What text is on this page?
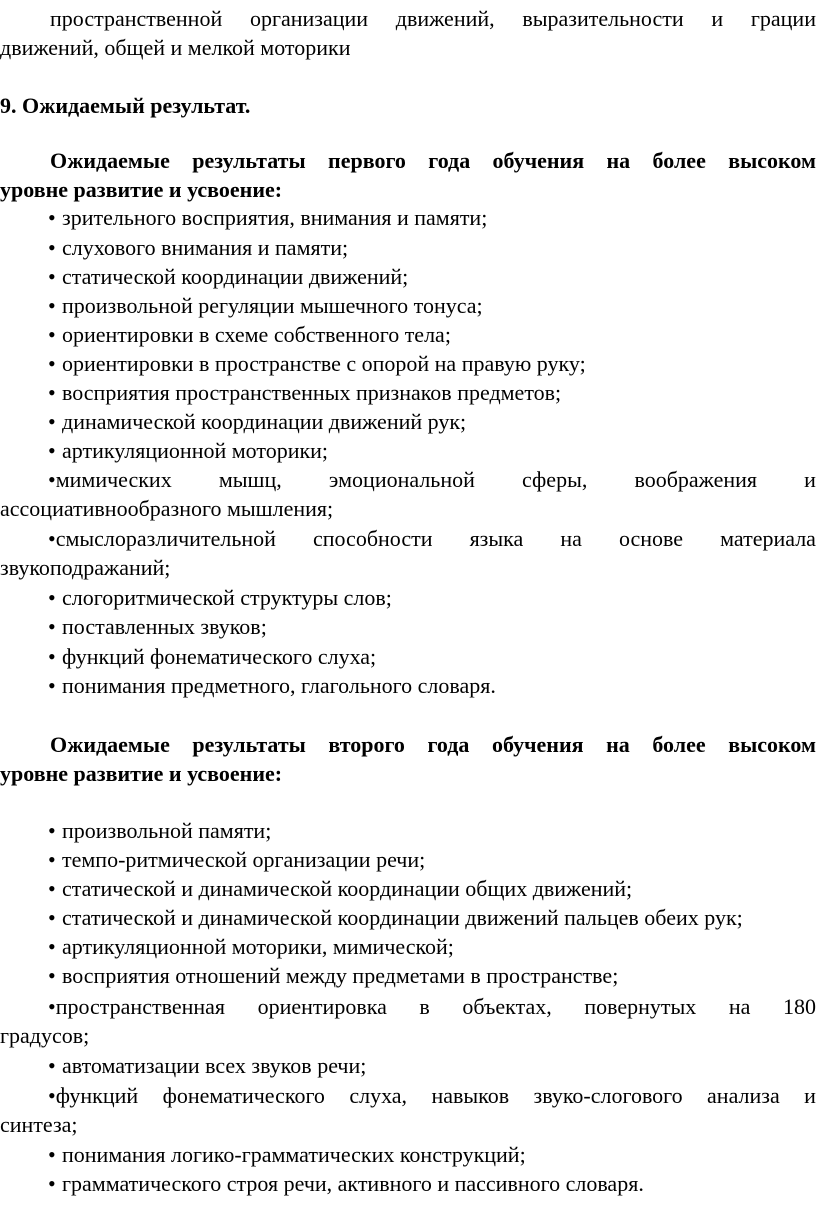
пространственной организации движений, выразительности и грации
движений, общей и мелкой моторики
9. Ожидаемый результат.
Ожидаемые результаты первого года обучения на более высоком
уровне развитие и усвоение:
• зрительного восприятия, внимания и памяти;
• слухового внимания и памяти;
• статической координации движений;
• произвольной регуляции мышечного тонуса;
• ориентировки в схеме собственного тела;
• ориентировки в пространстве с опорой на правую руку;
• восприятия пространственных признаков предметов;
• динамической координации движений рук;
• артикуляционной моторики;
•мимических мышц, эмоциональной сферы, воображения и
ассоциативнообразного мышления;
•смыслоразличительной способности языка на основе материала
звукоподражаний;
• слогоритмической структуры слов;
• поставленных звуков;
• функций фонематического слуха;
• понимания предметного, глагольного словаря.
Ожидаемые результаты второго года обучения на более высоком
уровне развитие и усвоение:
• произвольной памяти;
• темпо-ритмической организации речи;
• статической и динамической координации общих движений;
• статической и динамической координации движений пальцев обеих рук;
• артикуляционной моторики, мимической;
• восприятия отношений между предметами в пространстве;
•пространственная ориентировка в объектах, повернутых на 180
градусов;
• автоматизации всех звуков речи;
•функций фонематического слуха, навыков звуко-слогового анализа и
синтеза;
• понимания логико-грамматических конструкций;
• грамматического строя речи, активного и пассивного словаря.
